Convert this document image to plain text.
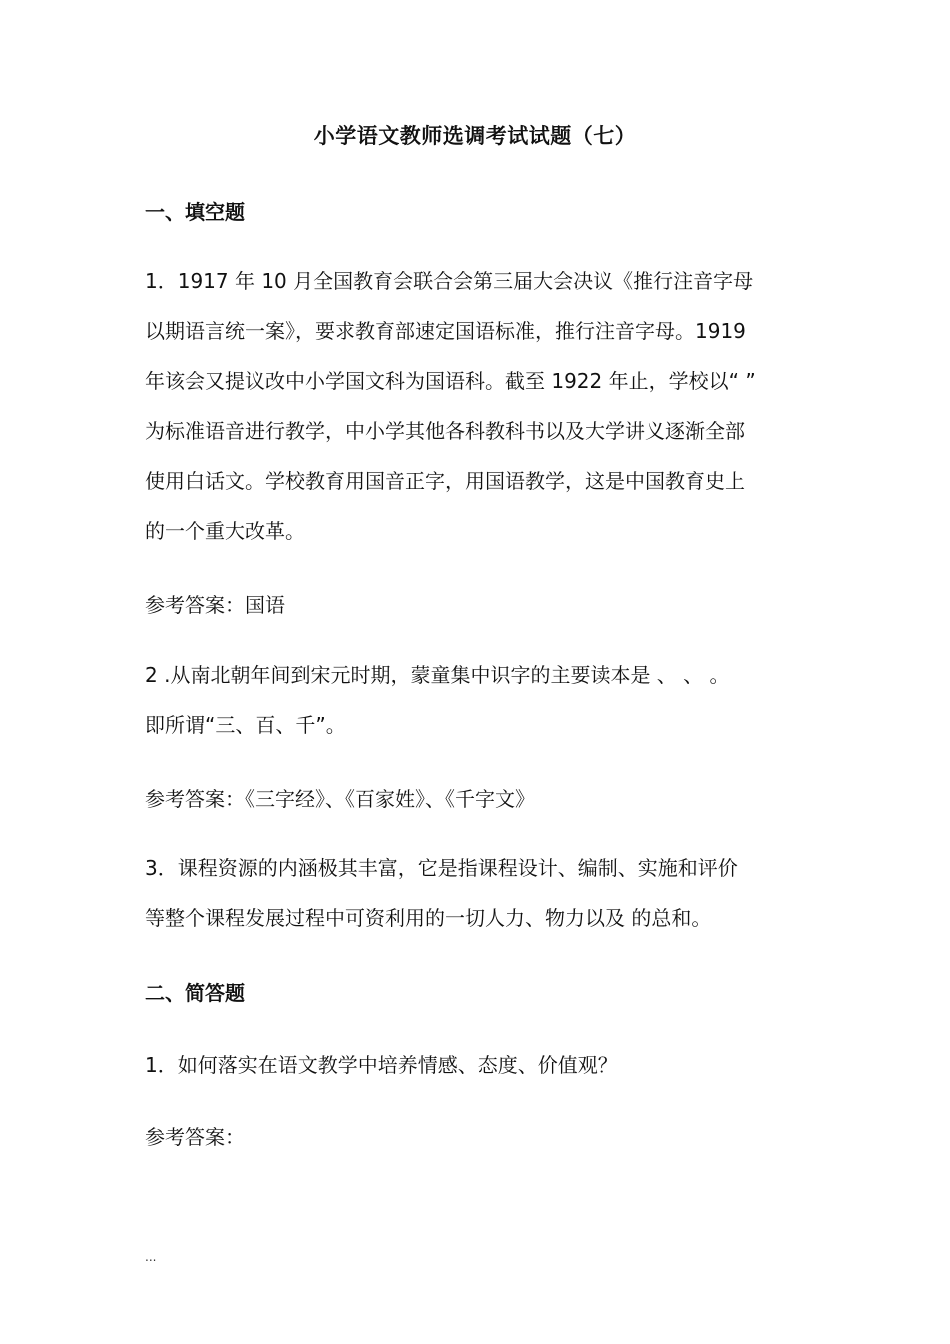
小学语文教师选调考试试题（七）
一、填空题
1．1917 年 10 月全国教育会联合会第三届大会决议《推行注音字母
以期语言统一案》，要求教育部速定国语标准，推行注音字母。1919
年该会又提议改中小学国文科为国语科。截至 1922 年止，学校以“ ”
为标准语音进行教学，中小学其他各科教科书以及大学讲义逐渐全部
使用白话文。学校教育用国音正字，用国语教学，这是中国教育史上
的一个重大改革。
参考答案：国语
2 .从南北朝年间到宋元时期，蒙童集中识字的主要读本是 、 、 。
即所谓“三、百、千”。
参考答案：《三字经》、《百家姓》、《千字文》
3．课程资源的内涵极其丰富，它是指课程设计、编制、实施和评价
等整个课程发展过程中可资利用的一切人力、物力以及 的总和。
二、简答题
1．如何落实在语文教学中培养情感、态度、价值观？
参考答案：
...
